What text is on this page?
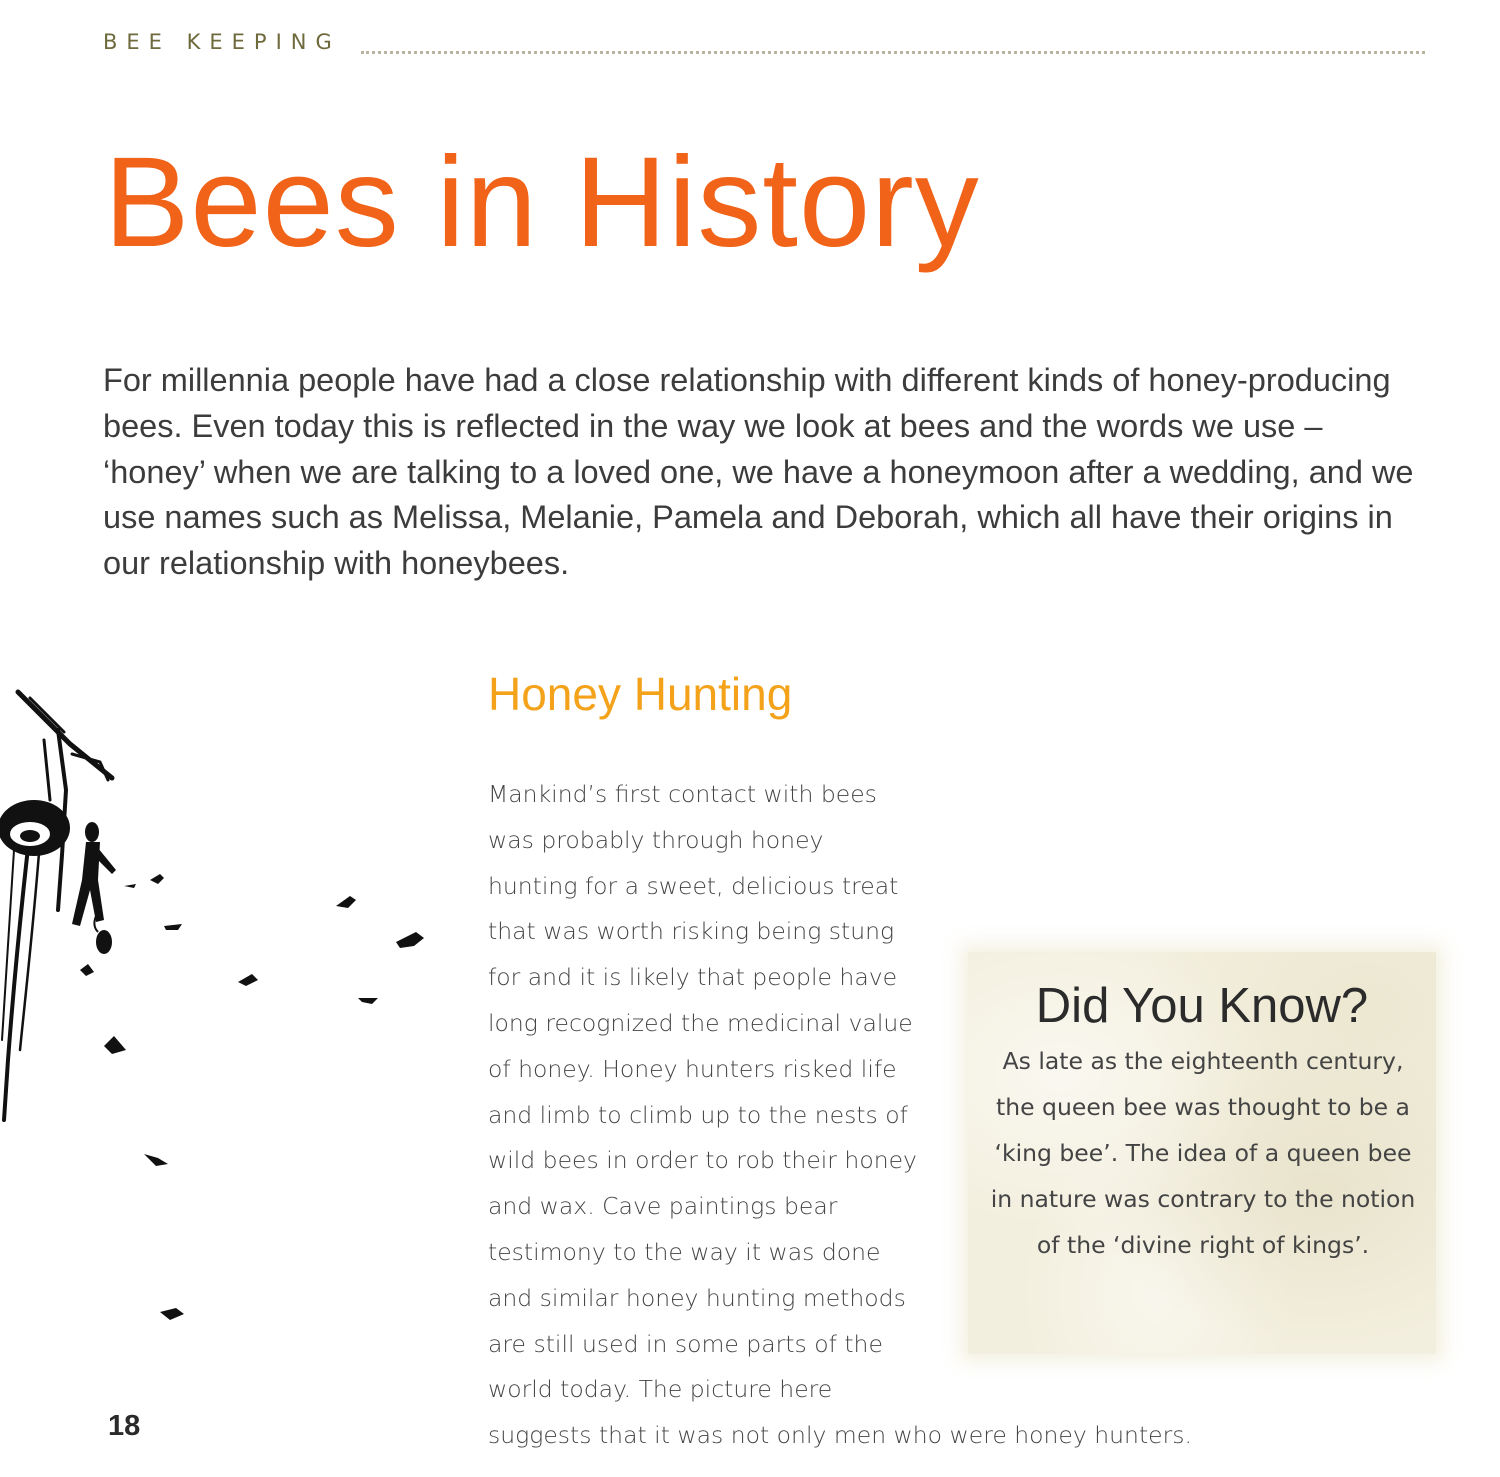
BEE KEEPING
Bees in History

For millennia people have had a close relationship with different kinds of honey-producing bees. Even today this is reflected in the way we look at bees and the words we use – ‘honey’ when we are talking to a loved one, we have a honeymoon after a wedding, and we use names such as Melissa, Melanie, Pamela and Deborah, which all have their origins in our relationship with honeybees.

Honey Hunting

Mankind’s first contact with bees was probably through honey hunting for a sweet, delicious treat that was worth risking being stung for and it is likely that people have long recognized the medicinal value of honey. Honey hunters risked life and limb to climb up to the nests of wild bees in order to rob their honey and wax. Cave paintings bear testimony to the way it was done and similar honey hunting methods are still used in some parts of the world today. The picture here suggests that it was not only men who were honey hunters.

Did You Know?

As late as the eighteenth century, the queen bee was thought to be a ‘king bee’. The idea of a queen bee in nature was contrary to the notion of the ‘divine right of kings’.

18
